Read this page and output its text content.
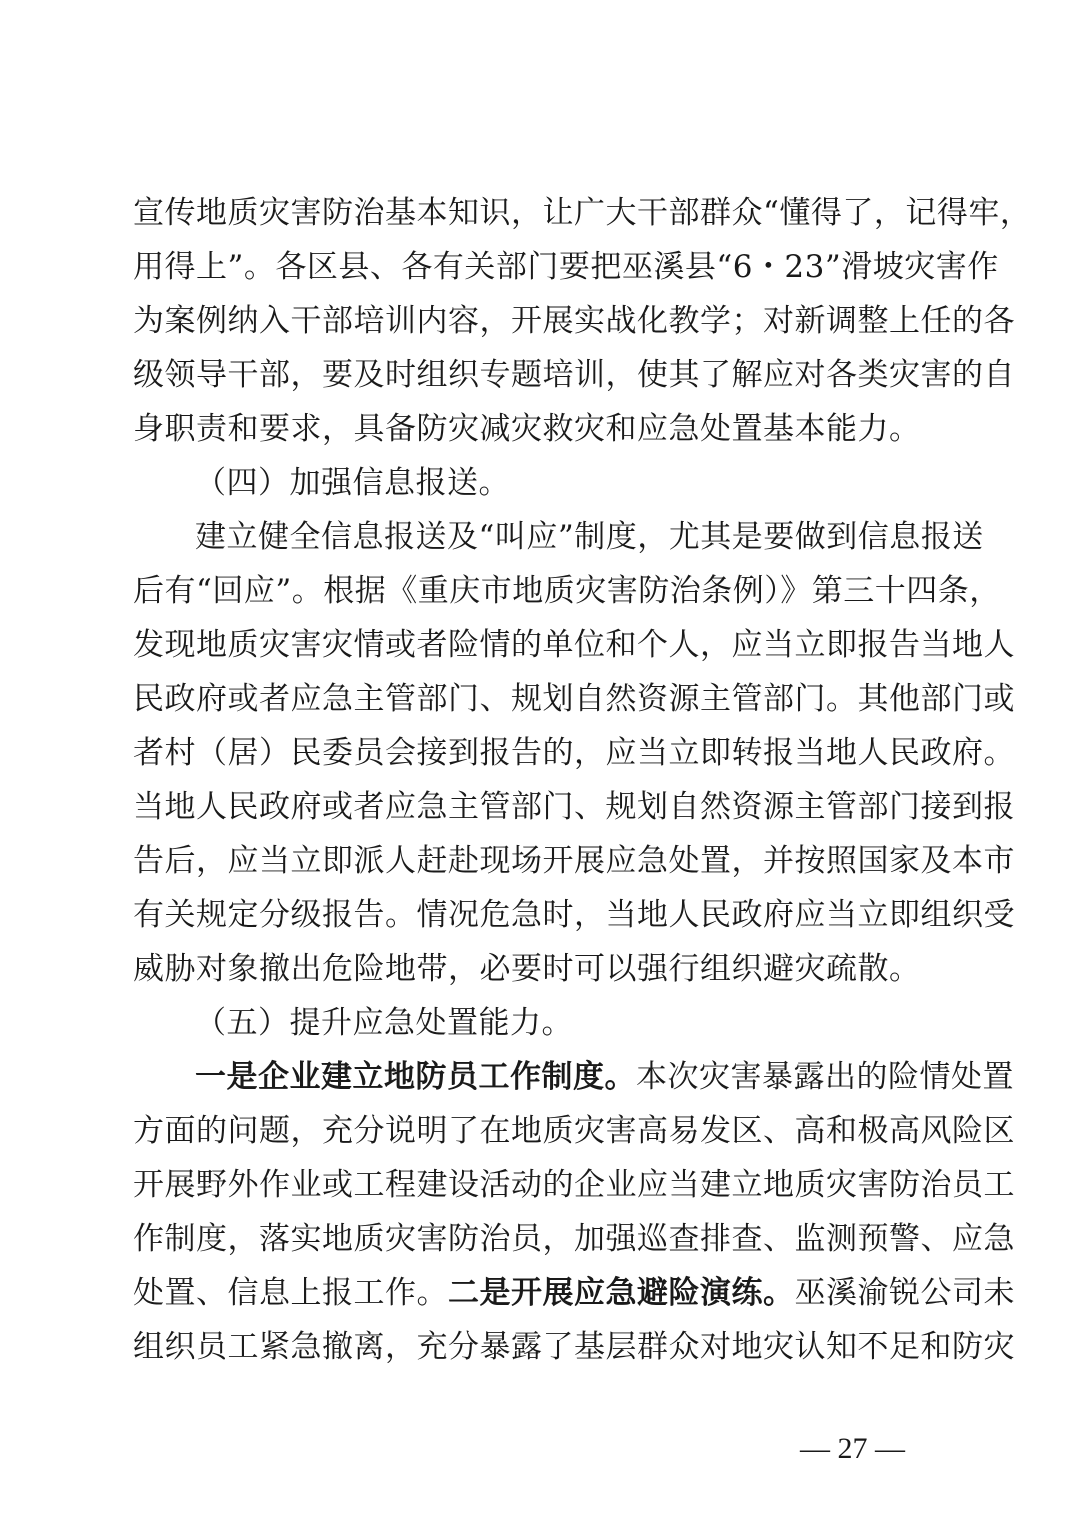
宣传地质灾害防治基本知识，让广大干部群众“懂得了，记得牢，
用得上”。各区县、各有关部门要把巫溪县“6・23”滑坡灾害作
为案例纳入干部培训内容，开展实战化教学；对新调整上任的各
级领导干部，要及时组织专题培训，使其了解应对各类灾害的自
身职责和要求，具备防灾减灾救灾和应急处置基本能力。
（四）加强信息报送。
建立健全信息报送及“叫应”制度，尤其是要做到信息报送
后有“回应”。根据《重庆市地质灾害防治条例）》第三十四条，
发现地质灾害灾情或者险情的单位和个人，应当立即报告当地人
民政府或者应急主管部门、规划自然资源主管部门。其他部门或
者村（居）民委员会接到报告的，应当立即转报当地人民政府。
当地人民政府或者应急主管部门、规划自然资源主管部门接到报
告后，应当立即派人赶赴现场开展应急处置，并按照国家及本市
有关规定分级报告。情况危急时，当地人民政府应当立即组织受
威胁对象撤出危险地带，必要时可以强行组织避灾疏散。
（五）提升应急处置能力。
一是企业建立地防员工作制度。本次灾害暴露出的险情处置
方面的问题，充分说明了在地质灾害高易发区、高和极高风险区
开展野外作业或工程建设活动的企业应当建立地质灾害防治员工
作制度，落实地质灾害防治员，加强巡查排查、监测预警、应急
处置、信息上报工作。二是开展应急避险演练。巫溪渝锐公司未
组织员工紧急撤离，充分暴露了基层群众对地灾认知不足和防灾
— 27 —
